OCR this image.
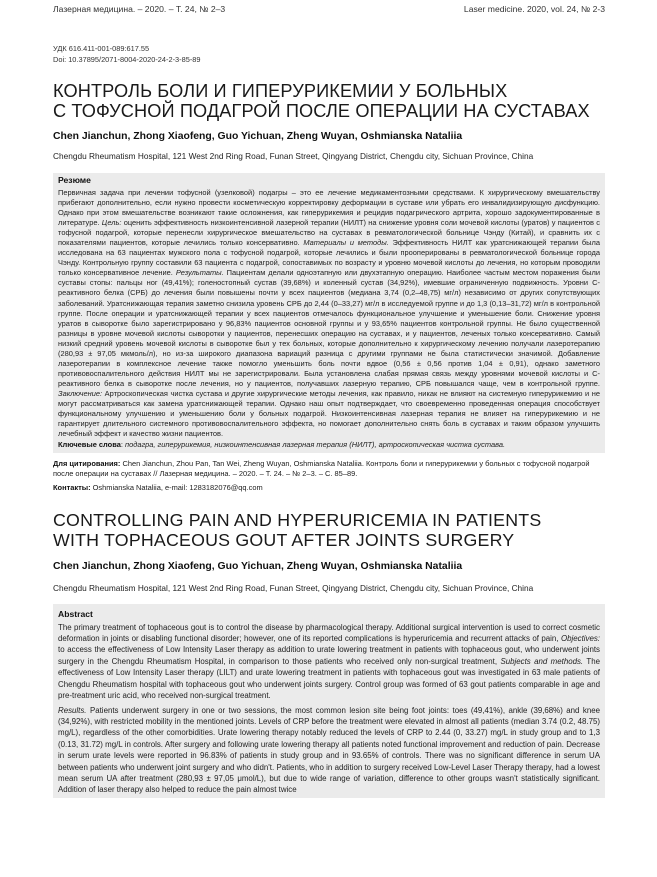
Лазерная медицина. – 2020. – Т. 24, № 2–3	Laser medicine. 2020, vol. 24, № 2-3
УДК 616.411-001-089:617.55
Doi: 10.37895/2071-8004-2020-24-2-3-85-89
КОНТРОЛЬ БОЛИ И ГИПЕРУРИКЕМИИ У БОЛЬНЫХ
С ТОФУСНОЙ ПОДАГРОЙ ПОСЛЕ ОПЕРАЦИИ НА СУСТАВАХ
Chen Jianchun, Zhong Xiaofeng, Guo Yichuan, Zheng Wuyan, Oshmianska Nataliia
Chengdu Rheumatism Hospital, 121 West 2nd Ring Road, Funan Street, Qingyang District, Chengdu city, Sichuan Province, China
Резюме

Первичная задача при лечении тофусной (узелковой) подагры – это ее лечение медикаментозными средствами. К хирургическому вмешательству прибегают дополнительно, если нужно провести косметическую корректировку деформации в суставе или убрать его инвалидизирующую дисфункцию. Однако при этом вмешательстве возникают такие осложнения, как гиперурикемия и рецидив подагрического артрита, хорошо задокументированные в литературе. Цель: оценить эффективность низкоинтенсивной лазерной терапии (НИЛТ) на снижение уровня соли мочевой кислоты (уратов) у пациентов с тофусной подагрой, которые перенесли хирургическое вмешательство на суставах в ревматологической больнице Чэнду (Китай), и сравнить их с показателями пациентов, которые лечились только консервативно. Материалы и методы. Эффективность НИЛТ как уратснижающей терапии была исследована на 63 пациентах мужского пола с тофусной подагрой, которые лечились и были прооперированы в ревматологической больнице города Чэнду. Контрольную группу составили 63 пациента с подагрой, сопоставимых по возрасту и уровню мочевой кислоты до лечения, но которым проводили только консервативное лечение. Результаты. Пациентам делали одноэтапную или двухэтапную операцию. Наиболее частым местом поражения были суставы стопы: пальцы ног (49,41%); голеностопный сустав (39,68%) и коленный сустав (34,92%), имевшие ограниченную подвижность. Уровни С-реактивного белка (СРБ) до лечения были повышены почти у всех пациентов (медиана 3,74 (0,2–48,75) мг/л) независимо от других сопутствующих заболеваний. Уратснижающая терапия заметно снизила уровень СРБ до 2,44 (0–33,27) мг/л в исследуемой группе и до 1,3 (0,13–31,72) мг/л в контрольной группе. После операции и уратснижающей терапии у всех пациентов отмечалось функциональное улучшение и уменьшение боли. Снижение уровня уратов в сыворотке было зарегистрировано у 96,83% пациентов основной группы и у 93,65% пациентов контрольной группы. Не было существенной разницы в уровне мочевой кислоты сыворотки у пациентов, перенесших операцию на суставах, и у пациентов, леченых только консервативно. Самый низкий средний уровень мочевой кислоты в сыворотке был у тех больных, которые дополнительно к хирургическому лечению получали лазеротерапию (280,93 ± 97,05 мкмоль/л), но из-за широкого диапазона вариаций разница с другими группами не была статистически значимой. Добавление лазеротерапии в комплексное лечение также помогло уменьшить боль почти вдвое (0,56 ± 0,56 против 1,04 ± 0,91), однако заметного противовоспалительного действия НИЛТ мы не зарегистрировали. Была установлена слабая прямая связь между уровнями мочевой кислоты и С-реактивного белка в сыворотке после лечения, но у пациентов, получавших лазерную терапию, СРБ повышался чаще, чем в контрольной группе. Заключение: Артроскопическая чистка сустава и другие хирургические методы лечения, как правило, никак не влияют на системную гиперурикемию и не могут рассматриваться как замена уратснижающей терапии. Однако наш опыт подтверждает, что своевременно проведенная операция способствует функциональному улучшению и уменьшению боли у больных подагрой. Низкоинтенсивная лазерная терапия не влияет на гиперурикемию и не гарантирует длительного системного противовоспалительного эффекта, но помогает дополнительно снять боль в суставах и таким образом улучшить лечебный эффект и качество жизни пациентов.

Ключевые слова: подагра, гиперурикемия, низкоинтенсивная лазерная терапия (НИЛТ), артроскопическая чистка сустава.

Для цитирования: Chen Jianchun, Zhou Pan, Tan Wei, Zheng Wuyan, Oshmianska Nataliia. Контроль боли и гиперурикемии у больных с тофусной подагрой после операции на суставах // Лазерная медицина. – 2020. – Т. 24. – № 2–3. – С. 85–89.
Контакты: Oshmianska Nataliia, e-mail: 1283182076@qq.com
CONTROLLING PAIN AND HYPERURICEMIA IN PATIENTS
WITH TOPHACEOUS GOUT AFTER JOINTS SURGERY
Chen Jianchun, Zhong Xiaofeng, Guo Yichuan, Zheng Wuyan, Oshmianska Nataliia
Chengdu Rheumatism Hospital, 121 West 2nd Ring Road, Funan Street, Qingyang District, Chengdu city, Sichuan Province, China
Abstract

The primary treatment of tophaceous gout is to control the disease by pharmacological therapy. Additional surgical intervention is used to correct cosmetic deformation in joints or disabling functional disorder; however, one of its reported complications is hyperuricemia and recurrent attacks of pain, Objectives: to access the effectiveness of Low Intensity Laser therapy as addition to urate lowering treatment in patients with tophaceous gout, who underwent joints surgery in the Chengdu Rheumatism Hospital, in comparison to those patients who received only non-surgical treatment, Subjects and methods. The effectiveness of Low Intensity Laser therapy (LILT) and urate lowering treatment in patients with tophaceous gout was investigated in 63 male patients of Chengdu Rheumatism hospital with tophaceous gout who underwent joints surgery. Control group was formed of 63 gout patients comparable in age and pre-treatment uric acid, who received non-surgical treatment.

Results. Patients underwent surgery in one or two sessions, the most common lesion site being foot joints: toes (49,41%), ankle (39,68%) and knee (34,92%), with restricted mobility in the mentioned joints. Levels of CRP before the treatment were elevated in almost all patients (median 3.74 (0.2, 48.75) mg/L), regardless of the other comorbidities. Urate lowering therapy notably reduced the levels of CRP to 2.44 (0, 33.27) mg/L in study group and to 1,3 (0.13, 31.72) mg/L in controls. After surgery and following urate lowering therapy all patients noted functional improvement and reduction of pain. Decrease in serum urate levels were reported in 96.83% of patients in study group and in 93.65% of controls. There was no significant difference in serum UA between patients who underwent joint surgery and who didn't. Patients, who in addition to surgery received Low-Level Laser Therapy therapy, had a lowest mean serum UA after treatment (280,93 ± 97,05 μmol/L), but due to wide range of variation, difference to other groups wasn't statistically significant. Addition of laser therapy also helped to reduce the pain almost twice
